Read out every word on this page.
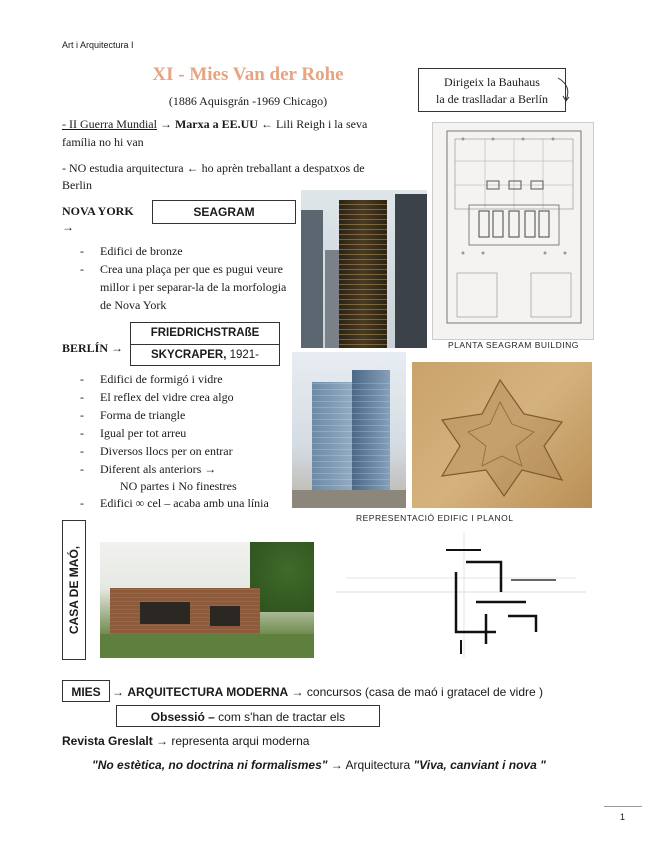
Art i Arquitectura I
XI - Mies Van der Rohe
(1886 Aquisgrán -1969 Chicago)
Dirigeix la Bauhaus
la de traslladar a Berlín
- II Guerra Mundial → Marxa a EE.UU ← Lili Reigh i la seva
família no hi van
- NO estudia arquitectura ← ho aprèn treballant a despatxos de
Berlin
PLANTA SEAGRAM BUILDING
NOVA YORK
→
SEAGRAM
- Edifici de bronze
- Crea una plaça per que es pugui veure millor i per separar-la de la morfologia de Nova York
BERLÍN →
FRIEDRICHSTRAßE
SKYCRAPER, 1921-
- Edifici de formigó i vidre
- El reflex del vidre crea algo
- Forma de triangle
- Igual per tot arreu
- Diversos llocs per on entrar
- Diferent als anteriors →
NO partes i No finestres
- Edifici ∞ cel – acaba amb una línia
REPRESENTACIÓ EDIFIC I PLANOL
CASA DE MAÓ,
MIES → ARQUITECTURA MODERNA → concursos (casa de maó i gratacel de vidre )
Obsessió – com s'han de tractar els
Revista Greslalt → representa arqui moderna
"No estètica, no doctrina ni formalismes" → Arquitectura "Viva, canviant i nova "
1
